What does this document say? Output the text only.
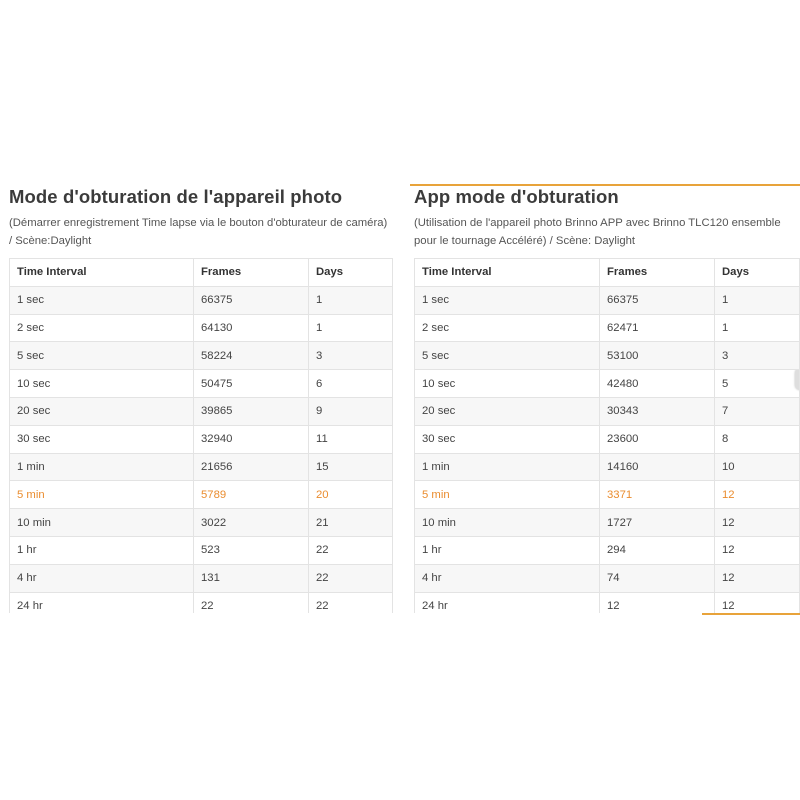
Mode d'obturation de l'appareil photo

(Démarrer enregistrement Time lapse via le bouton d'obturateur de caméra) / Scène:Daylight

Time Interval	Frames	Days
1 sec	66375	1
2 sec	64130	1
5 sec	58224	3
10 sec	50475	6
20 sec	39865	9
30 sec	32940	11
1 min	21656	15
5 min	5789	20
10 min	3022	21
1 hr	523	22
4 hr	131	22
24 hr	22	22
App mode d'obturation

(Utilisation de l'appareil photo Brinno APP avec Brinno TLC120 ensemble pour le tournage Accéléré) / Scène: Daylight

Time Interval	Frames	Days
1 sec	66375	1
2 sec	62471	1
5 sec	53100	3
10 sec	42480	5
20 sec	30343	7
30 sec	23600	8
1 min	14160	10
5 min	3371	12
10 min	1727	12
1 hr	294	12
4 hr	74	12
24 hr	12	12
